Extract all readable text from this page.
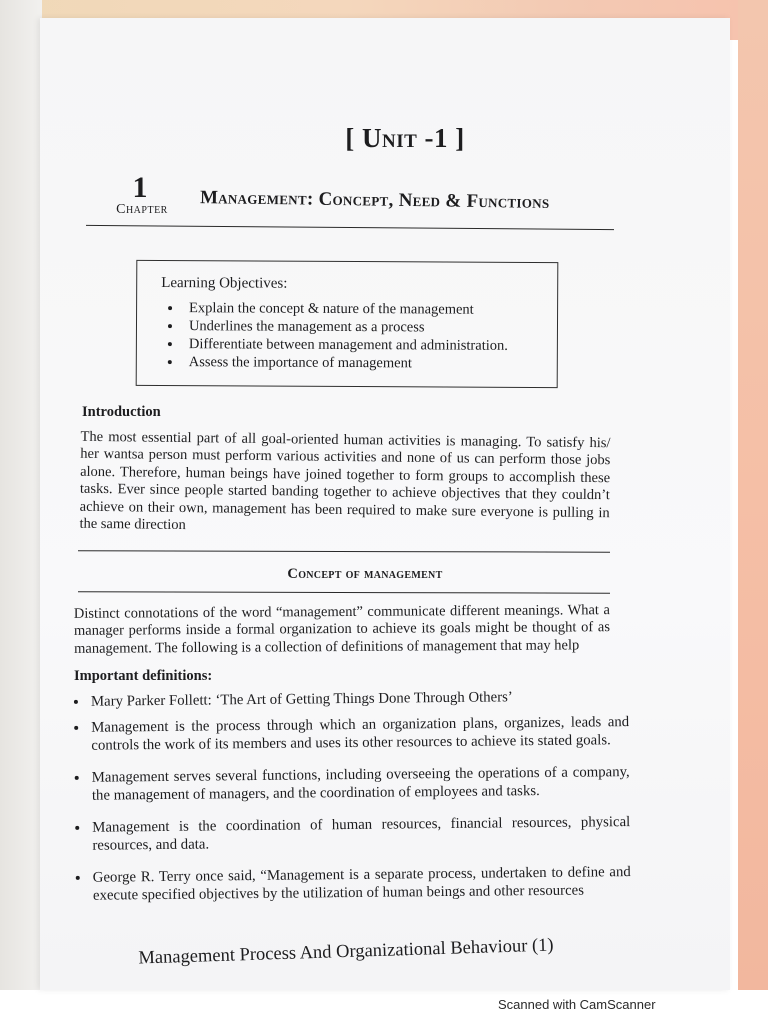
[ Unit -1 ]
1
Chapter	Management: Concept, Need & Functions
Learning Objectives:
• Explain the concept & nature of the management
• Underlines the management as a process
• Differentiate between management and administration.
• Assess the importance of management
Introduction
The most essential part of all goal-oriented human activities is managing. To satisfy his/ her wantsa person must perform various activities and none of us can perform those jobs alone. Therefore, human beings have joined together to form groups to accomplish these tasks. Ever since people started banding together to achieve objectives that they couldn’t achieve on their own, management has been required to make sure everyone is pulling in the same direction
Concept of management
Distinct connotations of the word “management” communicate different meanings. What a manager performs inside a formal organization to achieve its goals might be thought of as management. The following is a collection of definitions of management that may help
Important definitions:
• Mary Parker Follett: ‘The Art of Getting Things Done Through Others’
• Management is the process through which an organization plans, organizes, leads and controls the work of its members and uses its other resources to achieve its stated goals.
• Management serves several functions, including overseeing the operations of a company, the management of managers, and the coordination of employees and tasks.
• Management is the coordination of human resources, financial resources, physical resources, and data.
• George R. Terry once said, “Management is a separate process, undertaken to define and execute specified objectives by the utilization of human beings and other resources
Management Process And Organizational Behaviour (1)
Scanned with CamScanner
